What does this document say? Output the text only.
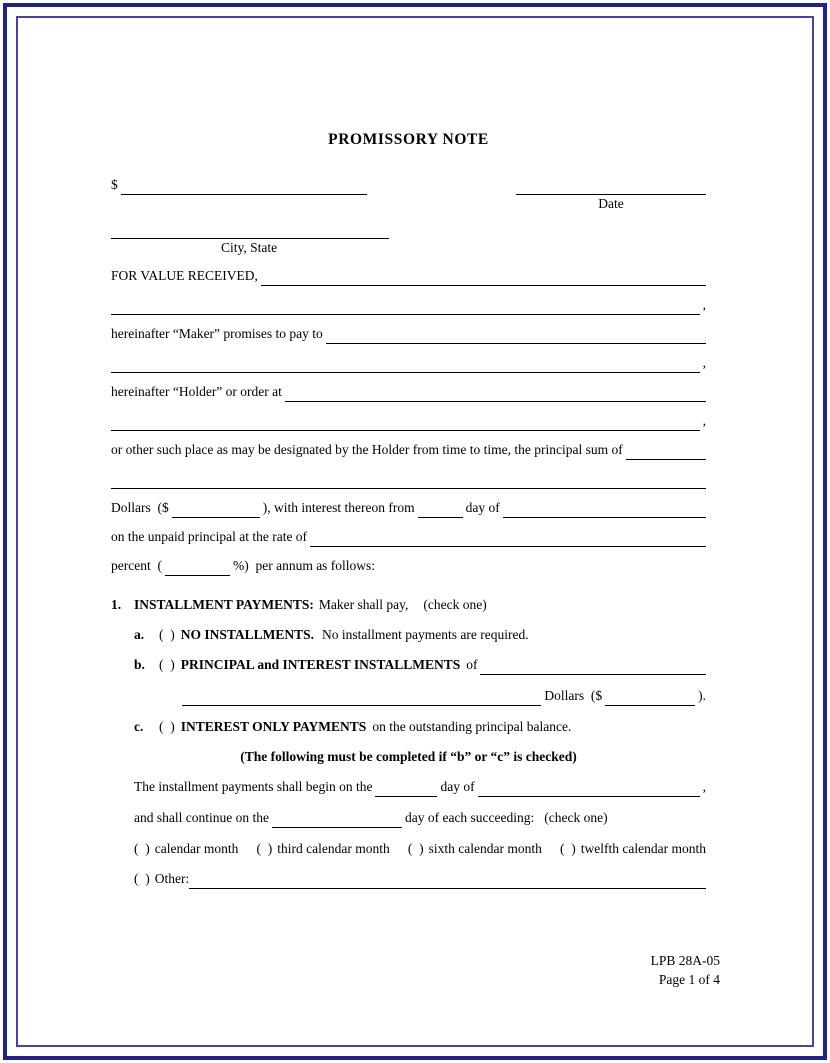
PROMISSORY NOTE
$
Date
City, State
FOR VALUE RECEIVED,
,
hereinafter “Maker” promises to pay to
,
hereinafter “Holder” or order at
,
or other such place as may be designated by the Holder from time to time, the principal sum of
Dollars  ($	), with interest thereon from	day of
on the unpaid principal at the rate of
percent  (	%)  per annum as follows:
1. INSTALLMENT PAYMENTS: Maker shall pay, (check one)
a.	(  ) NO INSTALLMENTS. No installment payments are required.
b.	(  ) PRINCIPAL and INTEREST INSTALLMENTS of
Dollars  ($	).
c.	(  ) INTEREST ONLY PAYMENTS on the outstanding principal balance.
(The following must be completed if “b” or “c” is checked)
The installment payments shall begin on the	day of	,
and shall continue on the	day of each succeeding: (check one)
(  ) calendar month (  ) third calendar month (  ) sixth calendar month (  ) twelfth calendar month
(  ) Other:
LPB 28A-05
Page 1 of 4
